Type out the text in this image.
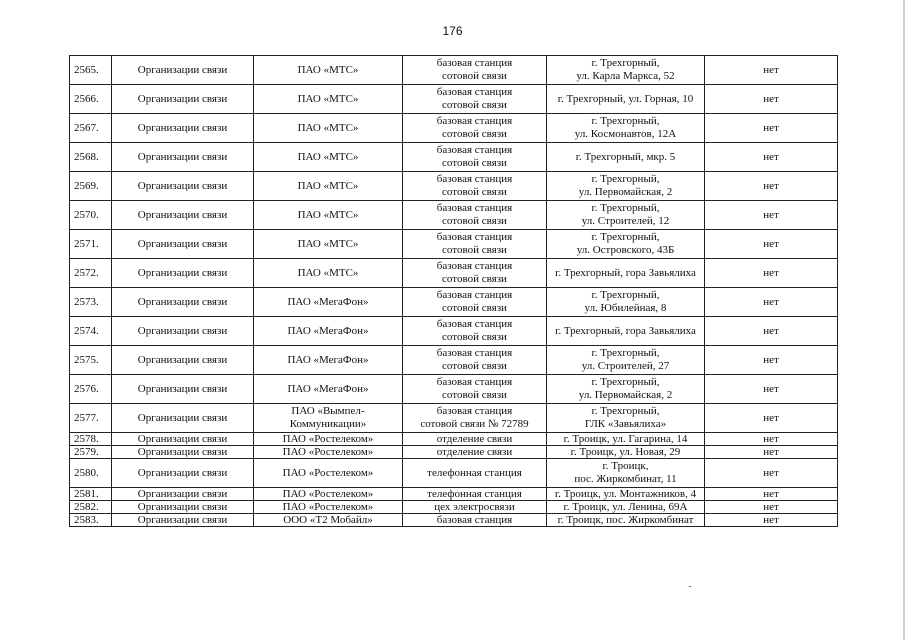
176
2565.	Организации связи	ПАО «МТС»	базовая станция
сотовой связи	г. Трехгорный,
ул. Карла Маркса, 52	нет
2566.	Организации связи	ПАО «МТС»	базовая станция
сотовой связи	г. Трехгорный, ул. Горная, 10	нет
2567.	Организации связи	ПАО «МТС»	базовая станция
сотовой связи	г. Трехгорный,
ул. Космонавтов, 12А	нет
2568.	Организации связи	ПАО «МТС»	базовая станция
сотовой связи	г. Трехгорный, мкр. 5	нет
2569.	Организации связи	ПАО «МТС»	базовая станция
сотовой связи	г. Трехгорный,
ул. Первомайская, 2	нет
2570.	Организации связи	ПАО «МТС»	базовая станция
сотовой связи	г. Трехгорный,
ул. Строителей, 12	нет
2571.	Организации связи	ПАО «МТС»	базовая станция
сотовой связи	г. Трехгорный,
ул. Островского, 43Б	нет
2572.	Организации связи	ПАО «МТС»	базовая станция
сотовой связи	г. Трехгорный, гора Завьялиха	нет
2573.	Организации связи	ПАО «МегаФон»	базовая станция
сотовой связи	г. Трехгорный,
ул. Юбилейная, 8	нет
2574.	Организации связи	ПАО «МегаФон»	базовая станция
сотовой связи	г. Трехгорный, гора Завьялиха	нет
2575.	Организации связи	ПАО «МегаФон»	базовая станция
сотовой связи	г. Трехгорный,
ул. Строителей, 27	нет
2576.	Организации связи	ПАО «МегаФон»	базовая станция
сотовой связи	г. Трехгорный,
ул. Первомайская, 2	нет
2577.	Организации связи	ПАО «Вымпел-
Коммуникации»	базовая станция
сотовой связи № 72789	г. Трехгорный,
ГЛК «Завьялиха»	нет
2578.	Организации связи	ПАО «Ростелеком»	отделение связи	г. Троицк, ул. Гагарина, 14	нет
2579.	Организации связи	ПАО «Ростелеком»	отделение связи	г. Троицк, ул. Новая, 29	нет
2580.	Организации связи	ПАО «Ростелеком»	телефонная станция	г. Троицк,
пос. Жиркомбинат, 11	нет
2581.	Организации связи	ПАО «Ростелеком»	телефонная станция	г. Троицк, ул. Монтажников, 4	нет
2582.	Организации связи	ПАО «Ростелеком»	цех электросвязи	г. Троицк, ул. Ленина, 69А	нет
2583.	Организации связи	ООО «Т2 Мобайл»	базовая станция	г. Троицк, пос. Жиркомбинат	нет
